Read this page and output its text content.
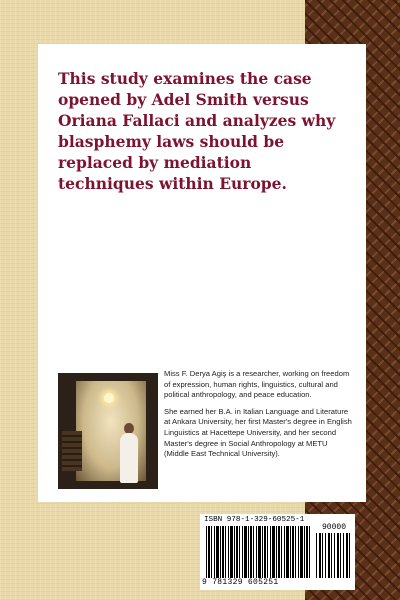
This study examines the case opened by Adel Smith versus Oriana Fallaci and analyzes why blasphemy laws should be replaced by mediation techniques within Europe.

Miss F. Derya Agiş is a researcher, working on freedom of expression, human rights, linguistics, cultural and political anthropology, and peace education.

She earned her B.A. in Italian Language and Literature at Ankara University, her first Master's degree in English Linguistics at Hacettepe University, and her second Master's degree in Social Anthropology at METU (Middle East Technical University).

ISBN 978-1-329-60525-1
90000
9 781329 605251
